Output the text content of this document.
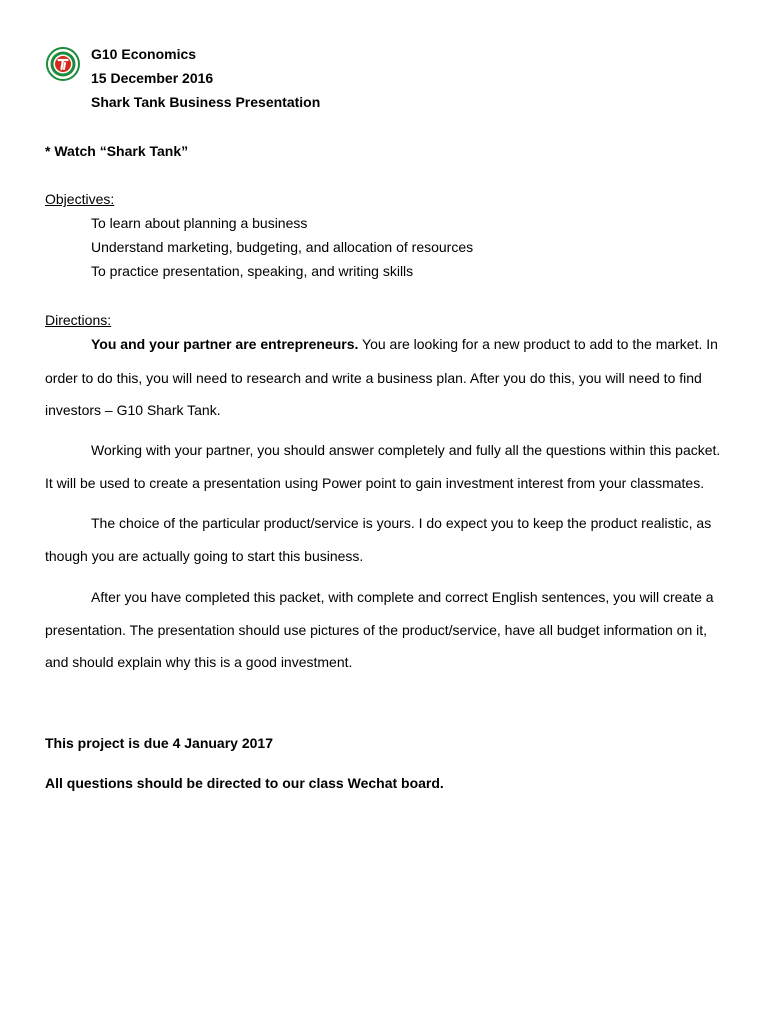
G10 Economics
15 December 2016
Shark Tank Business Presentation
* Watch “Shark Tank”
Objectives:
To learn about planning a business
Understand marketing, budgeting, and allocation of resources
To practice presentation, speaking, and writing skills
Directions:
You and your partner are entrepreneurs. You are looking for a new product to add to the market. In
order to do this, you will need to research and write a business plan. After you do this, you will need to find
investors – G10 Shark Tank.
Working with your partner, you should answer completely and fully all the questions within this packet.
It will be used to create a presentation using Power point to gain investment interest from your classmates.
The choice of the particular product/service is yours. I do expect you to keep the product realistic, as
though you are actually going to start this business.
After you have completed this packet, with complete and correct English sentences, you will create a
presentation. The presentation should use pictures of the product/service, have all budget information on it,
and should explain why this is a good investment.
This project is due 4 January 2017
All questions should be directed to our class Wechat board.
